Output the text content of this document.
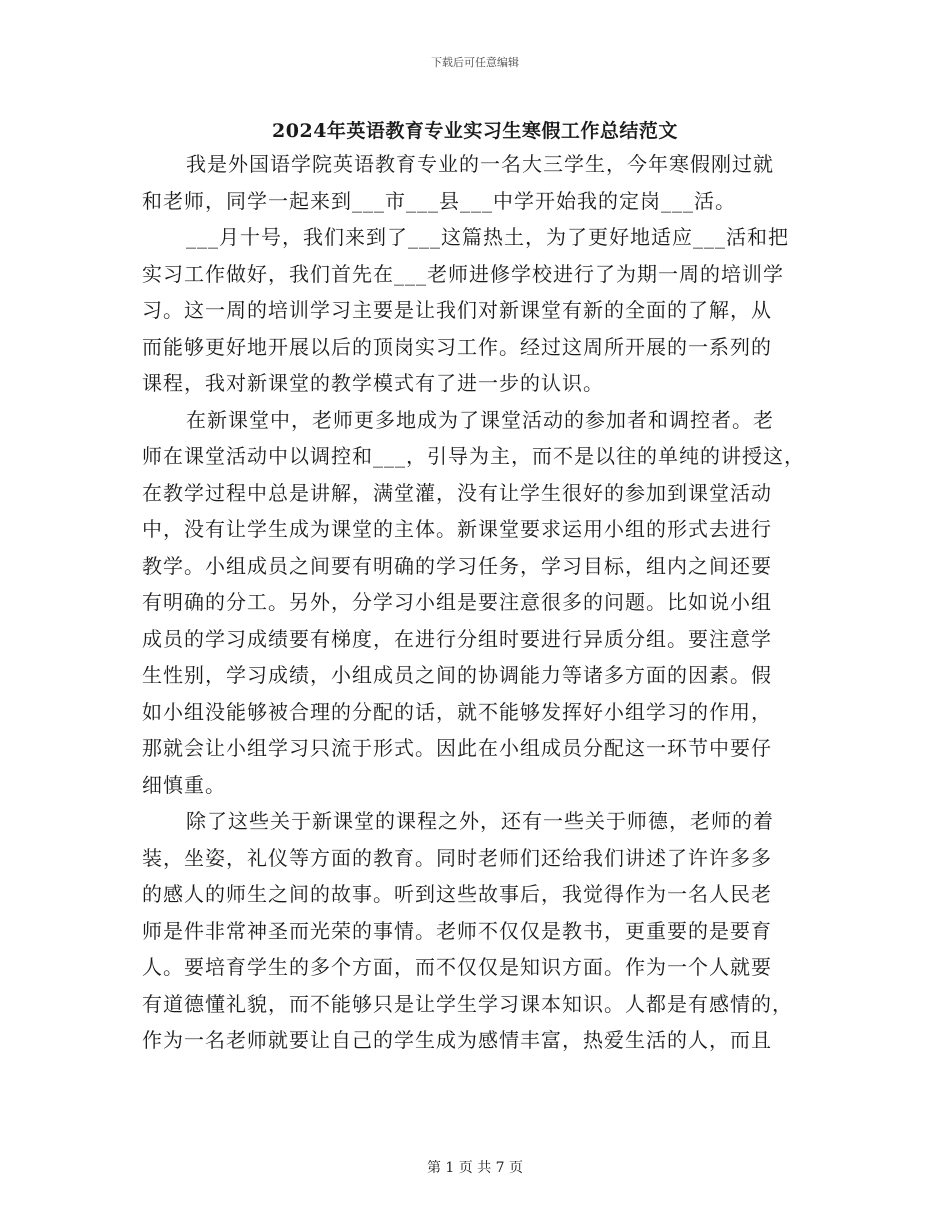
下载后可任意编辑
2024年英语教育专业实习生寒假工作总结范文
我是外国语学院英语教育专业的一名大三学生，今年寒假刚过就
和老师，同学一起来到___市___县___中学开始我的定岗___活。
___月十号，我们来到了___这篇热土，为了更好地适应___活和把
实习工作做好，我们首先在___老师进修学校进行了为期一周的培训学
习。这一周的培训学习主要是让我们对新课堂有新的全面的了解，从
而能够更好地开展以后的顶岗实习工作。经过这周所开展的一系列的
课程，我对新课堂的教学模式有了进一步的认识。
在新课堂中，老师更多地成为了课堂活动的参加者和调控者。老
师在课堂活动中以调控和___，引导为主，而不是以往的单纯的讲授这，
在教学过程中总是讲解，满堂灌，没有让学生很好的参加到课堂活动
中，没有让学生成为课堂的主体。新课堂要求运用小组的形式去进行
教学。小组成员之间要有明确的学习任务，学习目标，组内之间还要
有明确的分工。另外，分学习小组是要注意很多的问题。比如说小组
成员的学习成绩要有梯度，在进行分组时要进行异质分组。要注意学
生性别，学习成绩，小组成员之间的协调能力等诸多方面的因素。假
如小组没能够被合理的分配的话，就不能够发挥好小组学习的作用，
那就会让小组学习只流于形式。因此在小组成员分配这一环节中要仔
细慎重。
除了这些关于新课堂的课程之外，还有一些关于师德，老师的着
装，坐姿，礼仪等方面的教育。同时老师们还给我们讲述了许许多多
的感人的师生之间的故事。听到这些故事后，我觉得作为一名人民老
师是件非常神圣而光荣的事情。老师不仅仅是教书，更重要的是要育
人。要培育学生的多个方面，而不仅仅是知识方面。作为一个人就要
有道德懂礼貌，而不能够只是让学生学习课本知识。人都是有感情的，
作为一名老师就要让自己的学生成为感情丰富，热爱生活的人，而且
第 1 页 共 7 页
